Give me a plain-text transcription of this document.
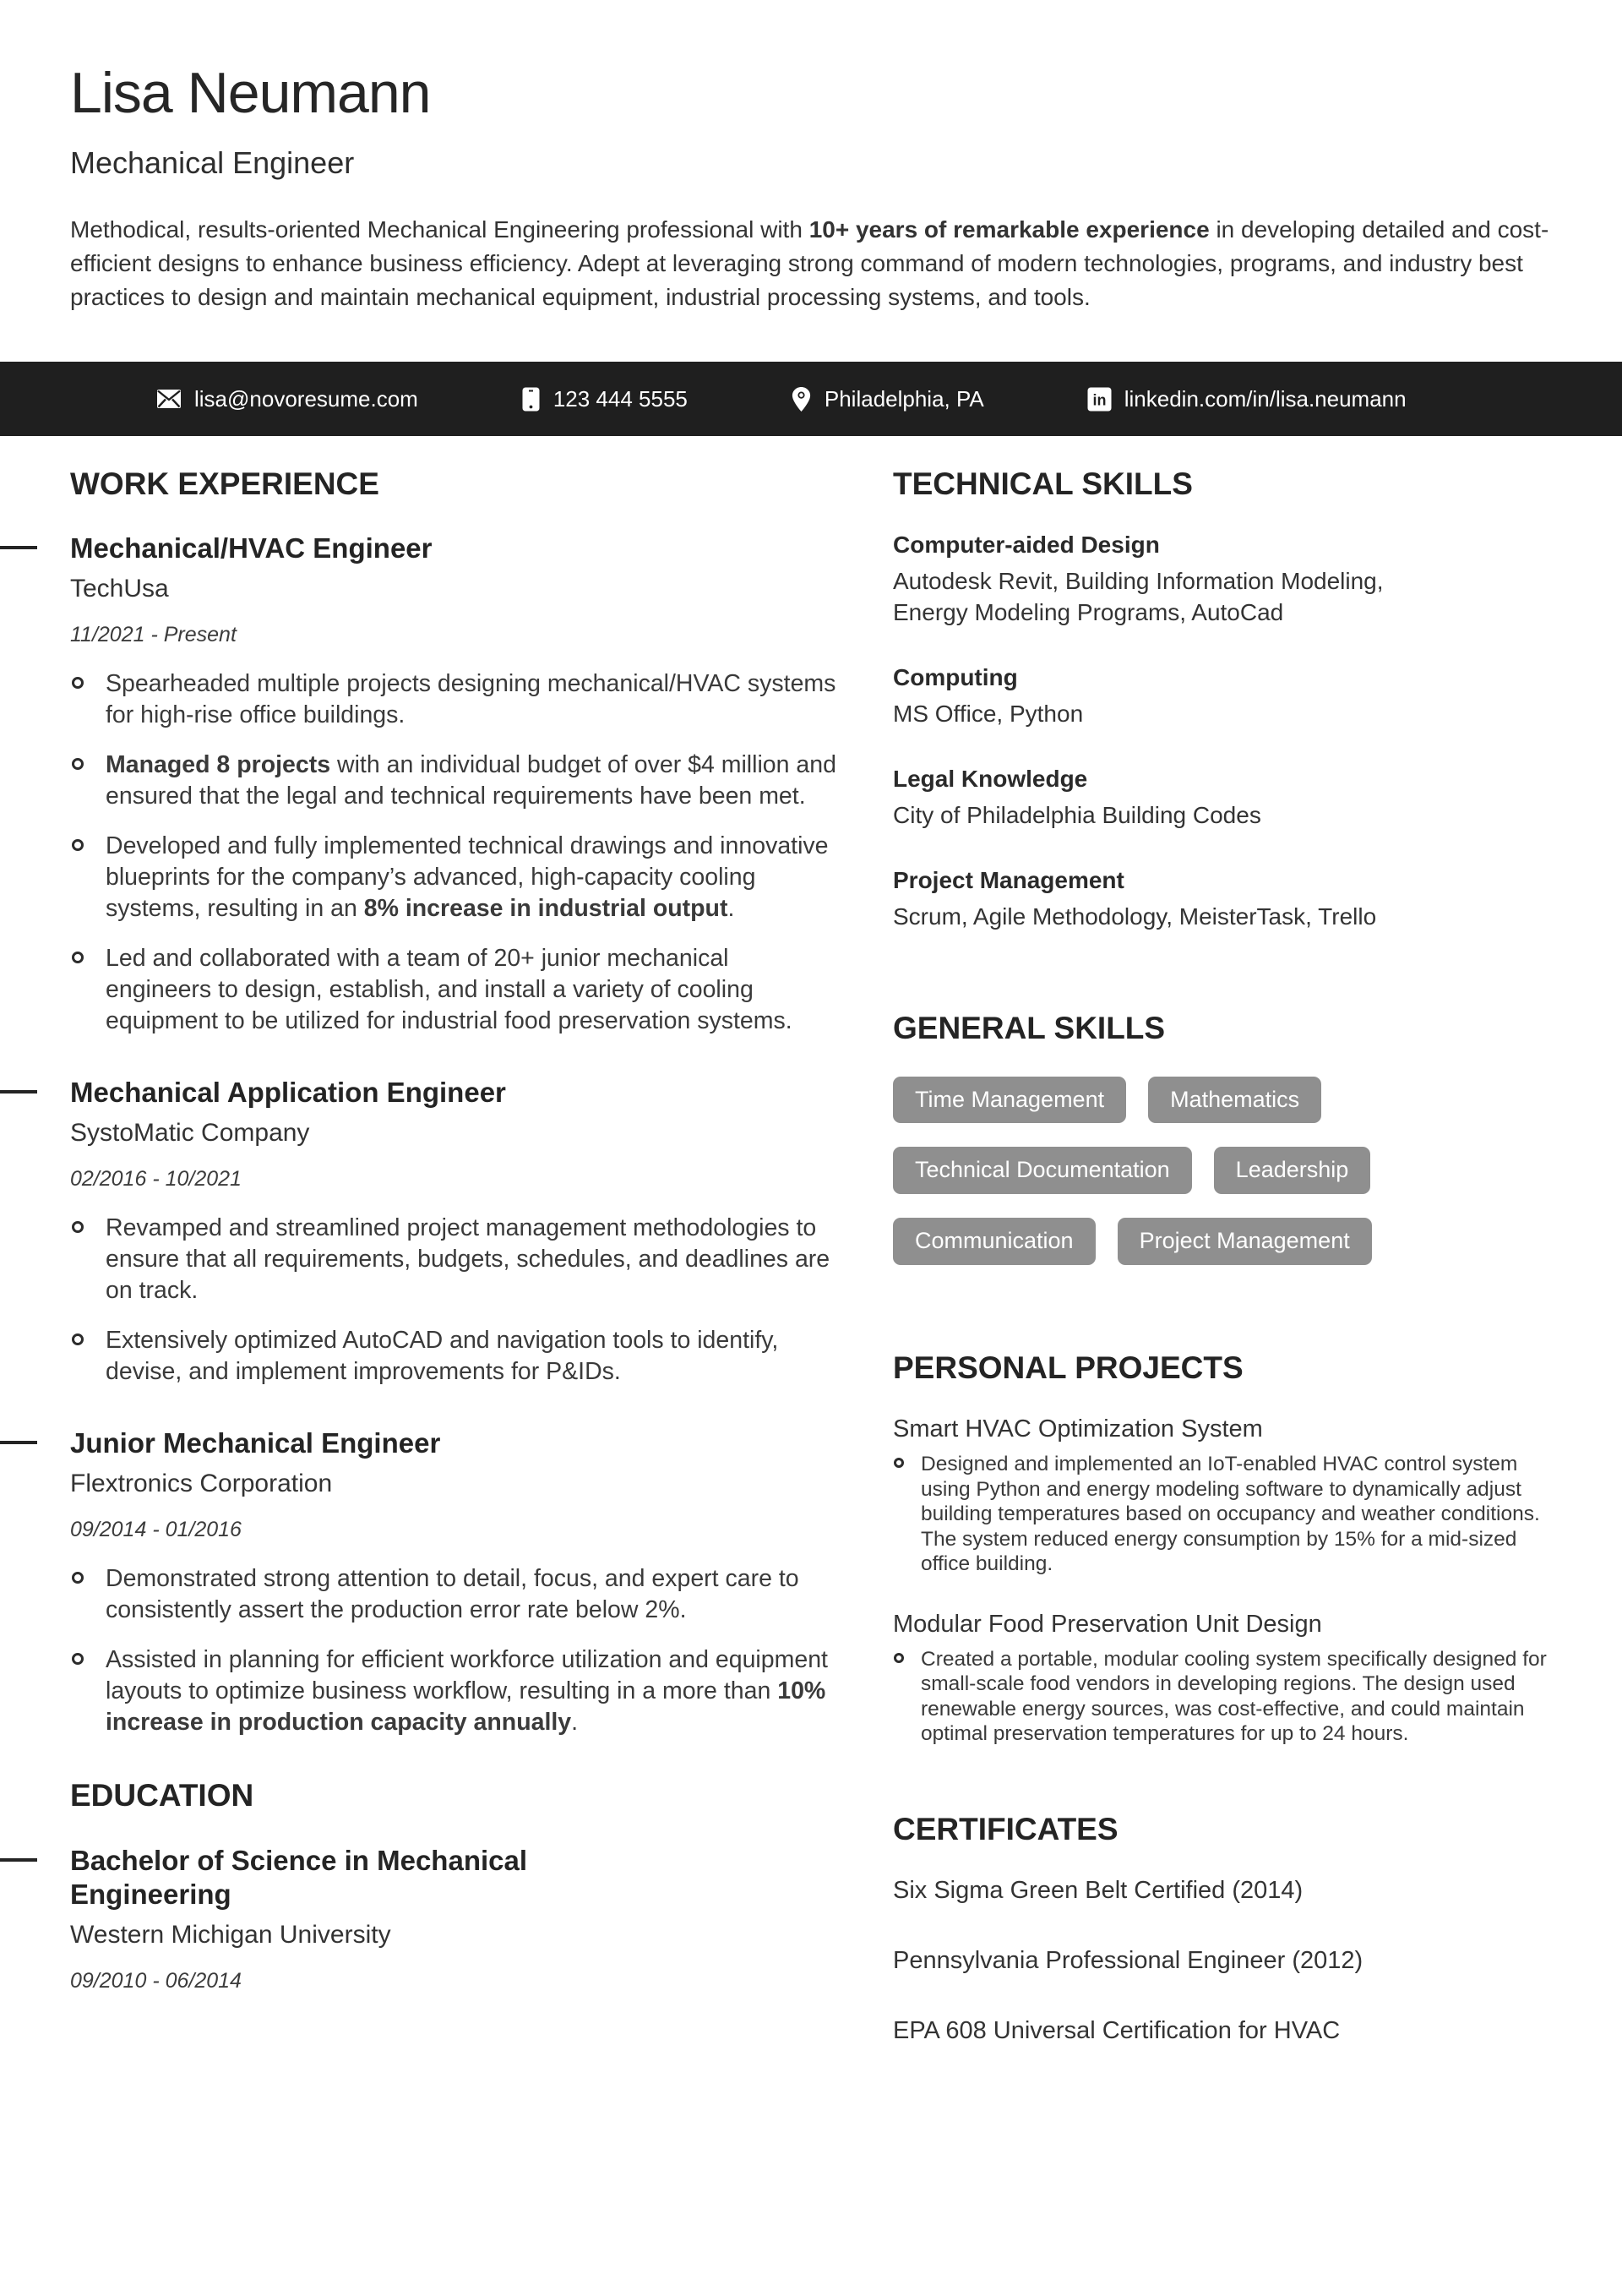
Lisa Neumann
Mechanical Engineer

Methodical, results-oriented Mechanical Engineering professional with 10+ years of remarkable experience in developing detailed and cost-efficient designs to enhance business efficiency. Adept at leveraging strong command of modern technologies, programs, and industry best practices to design and maintain mechanical equipment, industrial processing systems, and tools.

lisa@novoresume.com	123 444 5555	Philadelphia, PA	in linkedin.com/in/lisa.neumann
WORK EXPERIENCE
Mechanical/HVAC Engineer
TechUsa
11/2021 - Present
Spearheaded multiple projects designing mechanical/HVAC systems for high-rise office buildings.
Managed 8 projects with an individual budget of over $4 million and ensured that the legal and technical requirements have been met.
Developed and fully implemented technical drawings and innovative blueprints for the company’s advanced, high-capacity cooling systems, resulting in an 8% increase in industrial output.
Led and collaborated with a team of 20+ junior mechanical engineers to design, establish, and install a variety of cooling equipment to be utilized for industrial food preservation systems.
Mechanical Application Engineer
SystoMatic Company
02/2016 - 10/2021
Revamped and streamlined project management methodologies to ensure that all requirements, budgets, schedules, and deadlines are on track.
Extensively optimized AutoCAD and navigation tools to identify, devise, and implement improvements for P&IDs.
Junior Mechanical Engineer
Flextronics Corporation
09/2014 - 01/2016
Demonstrated strong attention to detail, focus, and expert care to consistently assert the production error rate below 2%.
Assisted in planning for efficient workforce utilization and equipment layouts to optimize business workflow, resulting in a more than 10% increase in production capacity annually.
EDUCATION
Bachelor of Science in Mechanical Engineering
Western Michigan University
09/2010 - 06/2014
TECHNICAL SKILLS
Computer-aided Design
Autodesk Revit, Building Information Modeling, Energy Modeling Programs, AutoCad
Computing
MS Office, Python
Legal Knowledge
City of Philadelphia Building Codes
Project Management
Scrum, Agile Methodology, MeisterTask, Trello
GENERAL SKILLS
Time Management	Mathematics
Technical Documentation	Leadership
Communication	Project Management
PERSONAL PROJECTS
Smart HVAC Optimization System
Designed and implemented an IoT-enabled HVAC control system using Python and energy modeling software to dynamically adjust building temperatures based on occupancy and weather conditions. The system reduced energy consumption by 15% for a mid-sized office building.
Modular Food Preservation Unit Design
Created a portable, modular cooling system specifically designed for small-scale food vendors in developing regions. The design used renewable energy sources, was cost-effective, and could maintain optimal preservation temperatures for up to 24 hours.
CERTIFICATES
Six Sigma Green Belt Certified (2014)
Pennsylvania Professional Engineer (2012)
EPA 608 Universal Certification for HVAC
